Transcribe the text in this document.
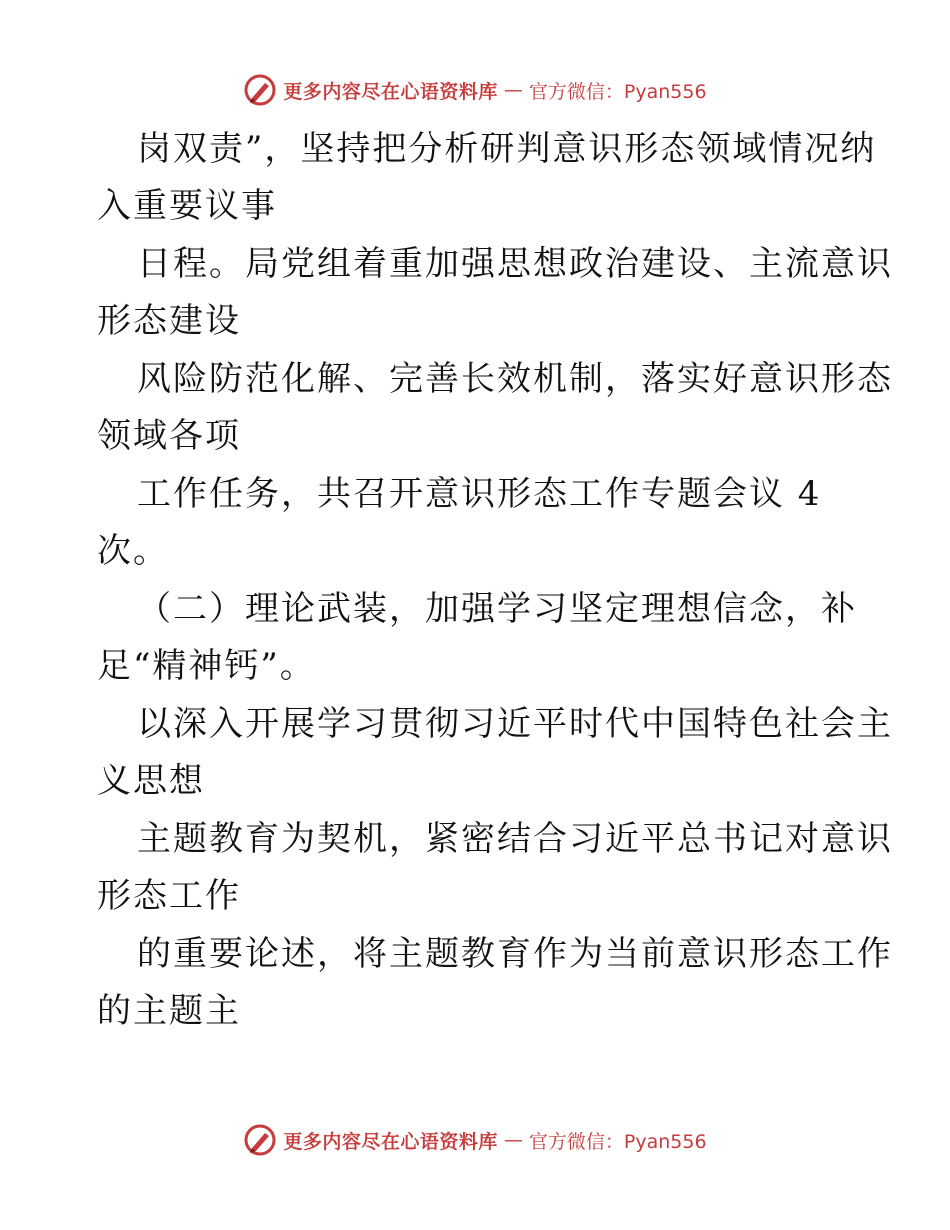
更多内容尽在心语资料库 — 官方微信：Pyan556
岗双责”，坚持把分析研判意识形态领域情况纳
入重要议事
日程。局党组着重加强思想政治建设、主流意识
形态建设
风险防范化解、完善长效机制，落实好意识形态
领域各项
工作任务，共召开意识形态工作专题会议 4
次。
（二）理论武装，加强学习坚定理想信念，补
足“精神钙”。
以深入开展学习贯彻习近平时代中国特色社会主
义思想
主题教育为契机，紧密结合习近平总书记对意识
形态工作
的重要论述，将主题教育作为当前意识形态工作
的主题主
更多内容尽在心语资料库 — 官方微信：Pyan556
